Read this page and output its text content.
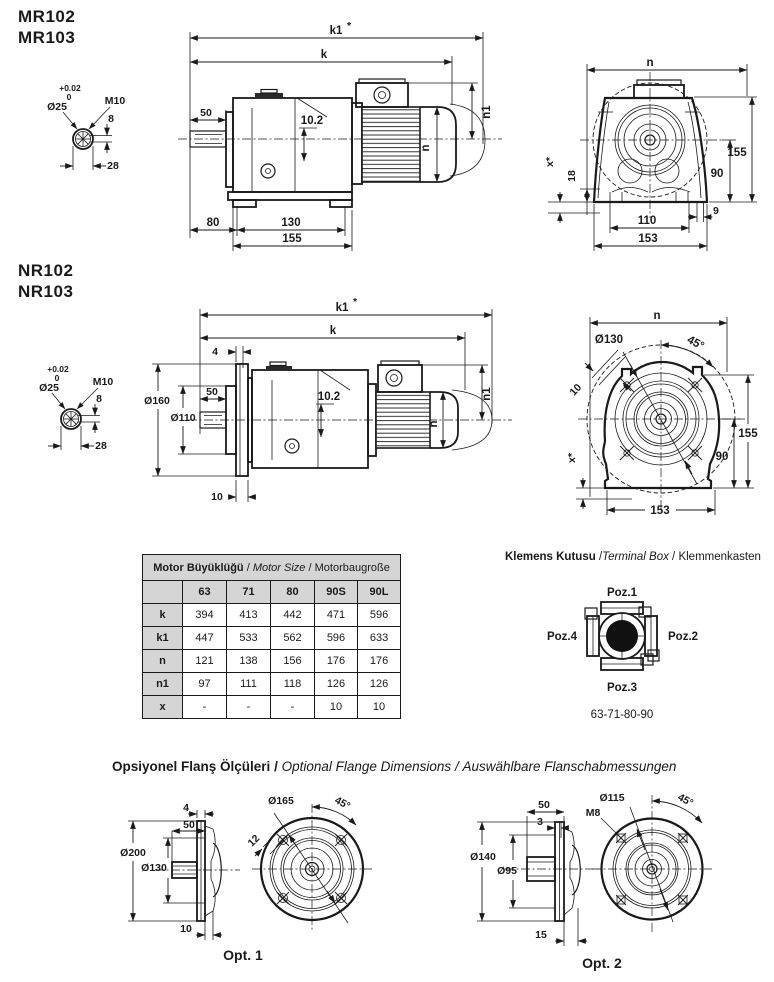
MR102
MR103
+0.02
0
Ø25	M10
8
28
k1 *
k
50
10.2
n
n1
80	130
155
n
18
x*
155
90
9
110
153
NR102
NR103
+0.02
0
Ø25	M10
8
28
k1 *
k
4
50
Ø160
Ø110
10.2
n
n1
10
n
Ø130	45°
10
x*
155
90
153
Motor Büyüklüğü / Motor Size / Motorbaugroße					
	63	71	80	90S	90L
k	394	413	442	471	596
k1	447	533	562	596	633
n	121	138	156	176	176
n1	97	111	118	126	126
x	-	-	-	10	10
Klemens Kutusu /Terminal Box / Klemmenkasten
Poz.1
Poz.2
Poz.3
Poz.4
63-71-80-90
Opsiyonel Flanş Ölçüleri / Optional Flange Dimensions / Auswählbare Flanschabmessungen
Ø200
Ø130
4
50
10
Ø165	45°
12
Opt. 1
Ø140
Ø95
50
3
15
Ø115
M8
45°
Opt. 2
